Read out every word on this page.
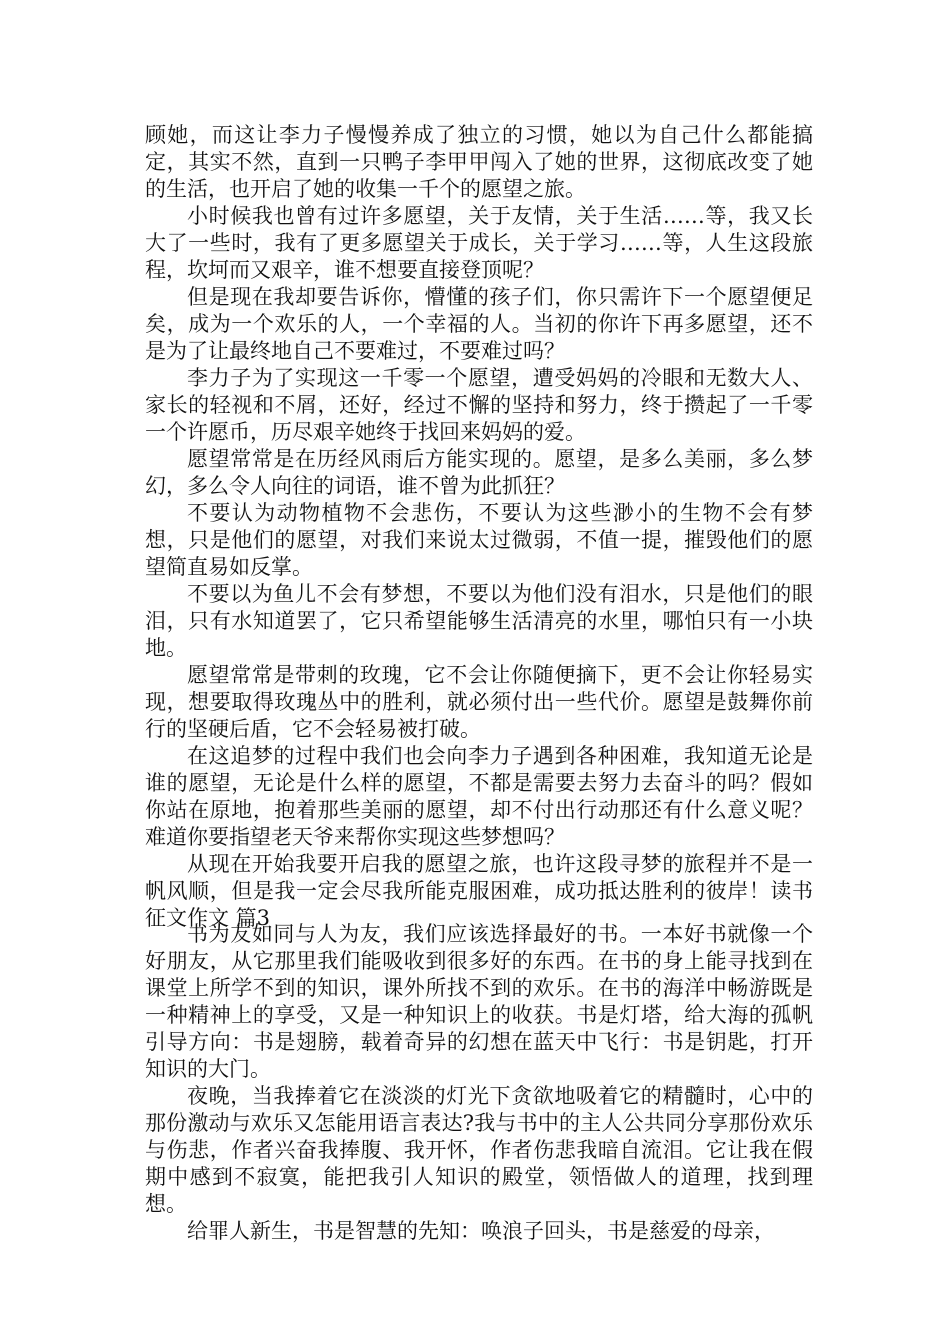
顾她，而这让李力子慢慢养成了独立的习惯，她以为自己什么都能搞定，其实不然，直到一只鸭子李甲甲闯入了她的世界，这彻底改变了她的生活，也开启了她的收集一千个的愿望之旅。

小时候我也曾有过许多愿望，关于友情，关于生活……等，我又长大了一些时，我有了更多愿望关于成长，关于学习……等，人生这段旅程，坎坷而又艰辛，谁不想要直接登顶呢？

但是现在我却要告诉你，懵懂的孩子们，你只需许下一个愿望便足矣，成为一个欢乐的人，一个幸福的人。当初的你许下再多愿望，还不是为了让最终地自己不要难过，不要难过吗？

李力子为了实现这一千零一个愿望，遭受妈妈的冷眼和无数大人、家长的轻视和不屑，还好，经过不懈的坚持和努力，终于攒起了一千零一个许愿币，历尽艰辛她终于找回来妈妈的爱。

愿望常常是在历经风雨后方能实现的。愿望，是多么美丽，多么梦幻，多么令人向往的词语，谁不曾为此抓狂？

不要认为动物植物不会悲伤，不要认为这些渺小的生物不会有梦想，只是他们的愿望，对我们来说太过微弱，不值一提，摧毁他们的愿望简直易如反掌。

不要以为鱼儿不会有梦想，不要以为他们没有泪水，只是他们的眼泪，只有水知道罢了，它只希望能够生活清亮的水里，哪怕只有一小块地。

愿望常常是带刺的玫瑰，它不会让你随便摘下，更不会让你轻易实现，想要取得玫瑰丛中的胜利，就必须付出一些代价。愿望是鼓舞你前行的坚硬后盾，它不会轻易被打破。

在这追梦的过程中我们也会向李力子遇到各种困难，我知道无论是谁的愿望，无论是什么样的愿望，不都是需要去努力去奋斗的吗？假如你站在原地，抱着那些美丽的愿望，却不付出行动那还有什么意义呢？难道你要指望老天爷来帮你实现这些梦想吗？

从现在开始我要开启我的愿望之旅，也许这段寻梦的旅程并不是一帆风顺，但是我一定会尽我所能克服困难，成功抵达胜利的彼岸！读书征文作文 篇3

书为友如同与人为友，我们应该选择最好的书。一本好书就像一个好朋友，从它那里我们能吸收到很多好的东西。在书的身上能寻找到在课堂上所学不到的知识，课外所找不到的欢乐。在书的海洋中畅游既是一种精神上的享受，又是一种知识上的收获。书是灯塔，给大海的孤帆引导方向：书是翅膀，载着奇异的幻想在蓝天中飞行：书是钥匙，打开知识的大门。

夜晚，当我捧着它在淡淡的灯光下贪欲地吸着它的精髓时，心中的那份激动与欢乐又怎能用语言表达?我与书中的主人公共同分享那份欢乐与伤悲，作者兴奋我捧腹、我开怀，作者伤悲我暗自流泪。它让我在假期中感到不寂寞，能把我引人知识的殿堂，领悟做人的道理，找到理想。

给罪人新生，书是智慧的先知：唤浪子回头，书是慈爱的母亲，
